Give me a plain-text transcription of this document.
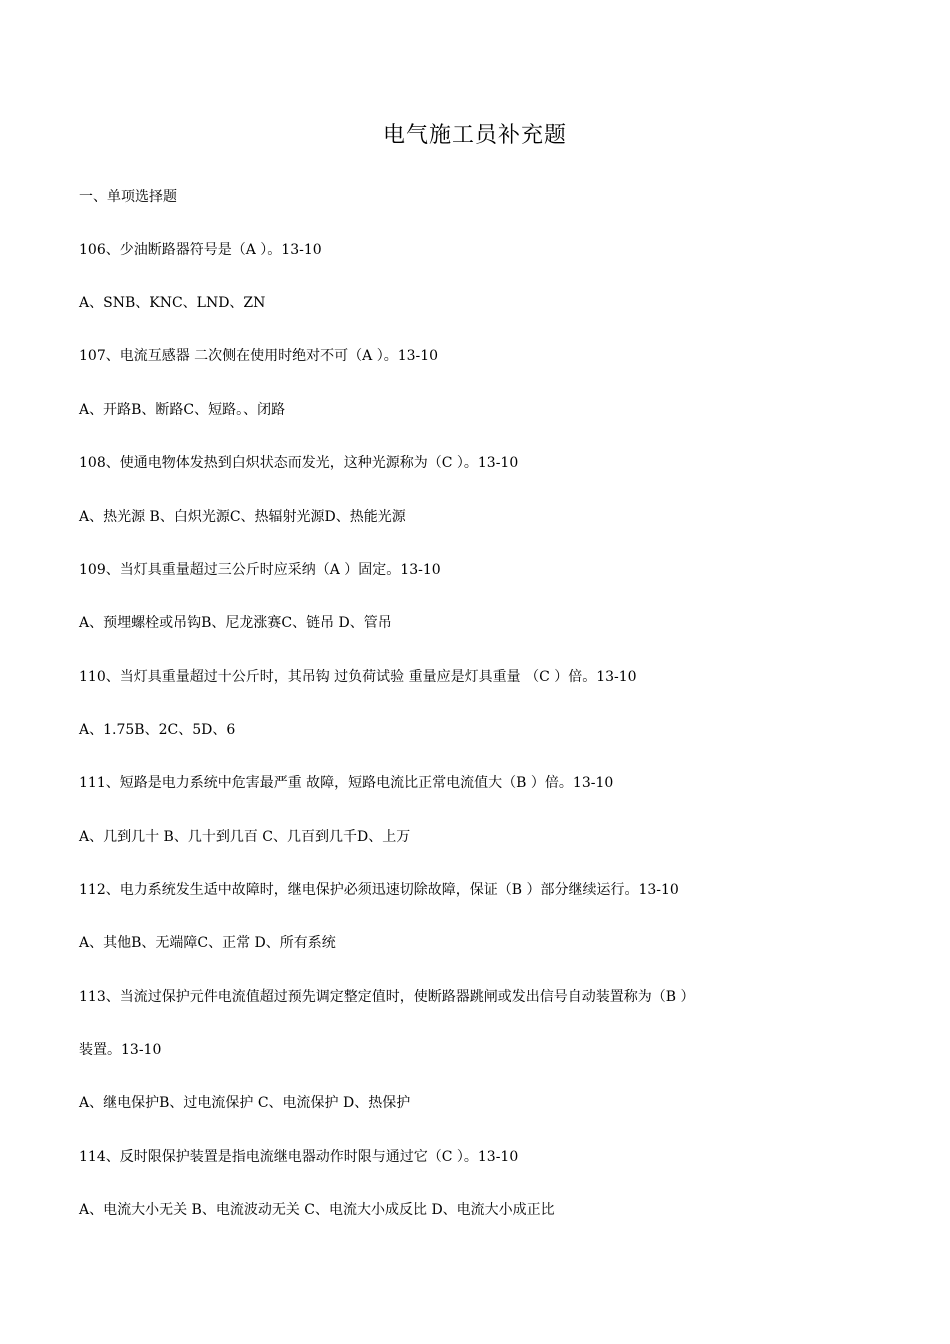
电气施工员补充题
一、单项选择题
106、少油断路器符号是（A ）。13-10
A、SNB、KNC、LND、ZN
107、电流互感器 二次侧在使用时绝对不可（A ）。13-10
A、开路B、断路C、短路。、闭路
108、使通电物体发热到白炽状态而发光，这种光源称为（C ）。13-10
A、热光源 B、白炽光源C、热辐射光源D、热能光源
109、当灯具重量超过三公斤时应采纳（A ）固定。13-10
A、预埋螺栓或吊钩B、尼龙涨赛C、链吊 D、管吊
110、当灯具重量超过十公斤时，其吊钩 过负荷试验 重量应是灯具重量 （C ）倍。13-10
A、1.75B、2C、5D、6
111、短路是电力系统中危害最严重 故障，短路电流比正常电流值大（B ）倍。13-10
A、几到几十 B、几十到几百 C、几百到几千D、上万
112、电力系统发生适中故障时，继电保护必须迅速切除故障，保证（B ）部分继续运行。13-10
A、其他B、无端障C、正常 D、所有系统
113、当流过保护元件电流值超过预先调定整定值时，使断路器跳闸或发出信号自动装置称为（B ）
装置。13-10
A、继电保护B、过电流保护 C、电流保护 D、热保护
114、反时限保护装置是指电流继电器动作时限与通过它（C ）。13-10
A、电流大小无关 B、电流波动无关 C、电流大小成反比 D、电流大小成正比
